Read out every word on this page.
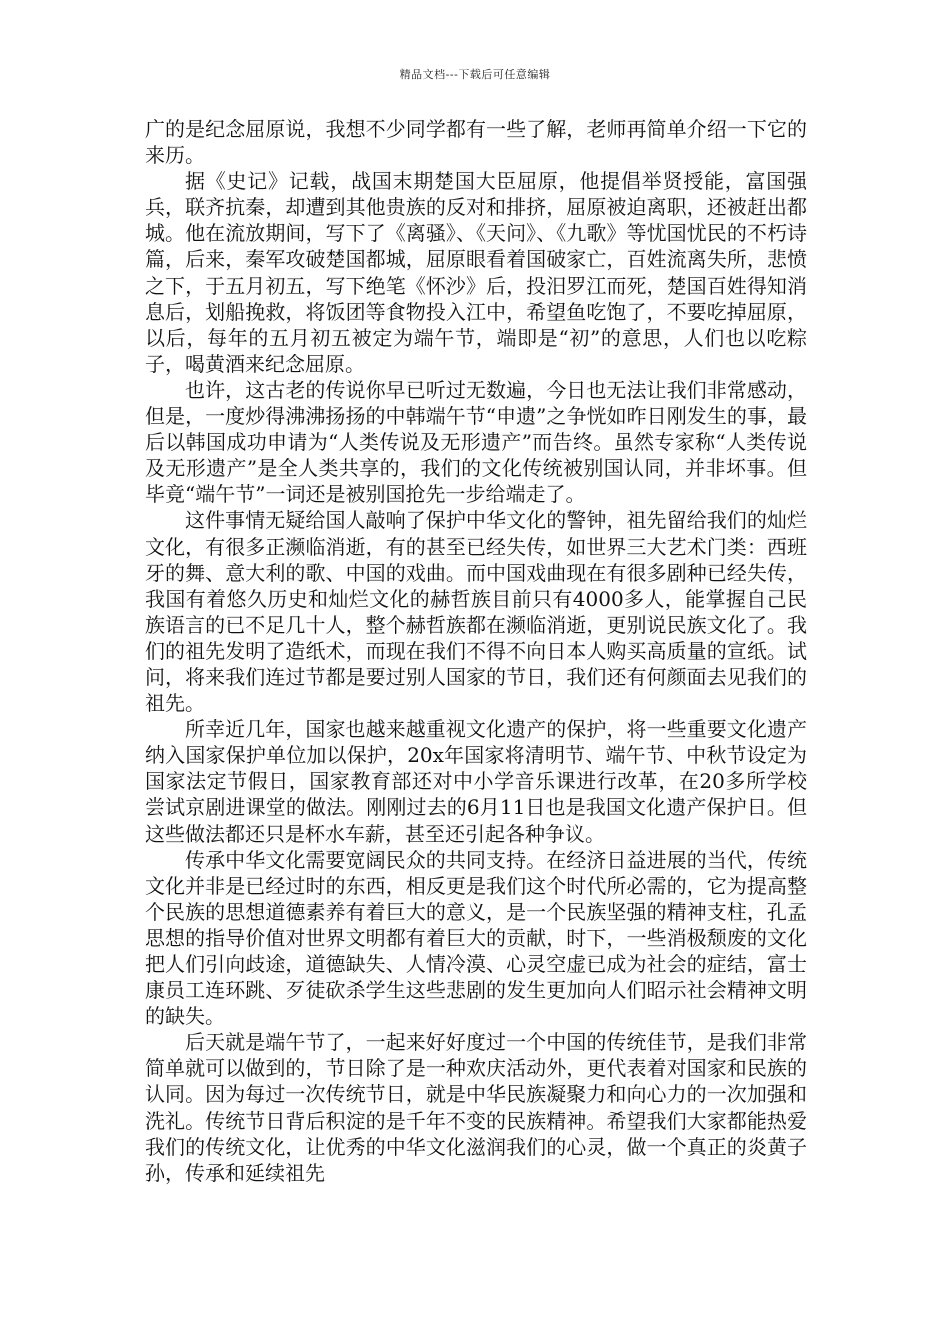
精品文档---下载后可任意编辑

广的是纪念屈原说，我想不少同学都有一些了解，老师再简单介绍一下它的来历。

据《史记》记载，战国末期楚国大臣屈原，他提倡举贤授能，富国强兵，联齐抗秦，却遭到其他贵族的反对和排挤，屈原被迫离职，还被赶出都城。他在流放期间，写下了《离骚》、《天问》、《九歌》等忧国忧民的不朽诗篇，后来，秦军攻破楚国都城，屈原眼看着国破家亡，百姓流离失所，悲愤之下，于五月初五，写下绝笔《怀沙》后，投汨罗江而死，楚国百姓得知消息后，划船挽救，将饭团等食物投入江中，希望鱼吃饱了，不要吃掉屈原，以后，每年的五月初五被定为端午节，端即是“初”的意思，人们也以吃粽子，喝黄酒来纪念屈原。

也许，这古老的传说你早已听过无数遍，今日也无法让我们非常感动，但是，一度炒得沸沸扬扬的中韩端午节“申遗”之争恍如昨日刚发生的事，最后以韩国成功申请为“人类传说及无形遗产”而告终。虽然专家称“人类传说及无形遗产”是全人类共享的，我们的文化传统被别国认同，并非坏事。但毕竟“端午节”一词还是被别国抢先一步给端走了。

这件事情无疑给国人敲响了保护中华文化的警钟，祖先留给我们的灿烂文化，有很多正濒临消逝，有的甚至已经失传，如世界三大艺术门类：西班牙的舞、意大利的歌、中国的戏曲。而中国戏曲现在有很多剧种已经失传，我国有着悠久历史和灿烂文化的赫哲族目前只有4000多人，能掌握自己民族语言的已不足几十人，整个赫哲族都在濒临消逝，更别说民族文化了。我们的祖先发明了造纸术，而现在我们不得不向日本人购买高质量的宣纸。试问，将来我们连过节都是要过别人国家的节日，我们还有何颜面去见我们的祖先。

所幸近几年，国家也越来越重视文化遗产的保护，将一些重要文化遗产纳入国家保护单位加以保护，20x年国家将清明节、端午节、中秋节设定为国家法定节假日，国家教育部还对中小学音乐课进行改革，在20多所学校尝试京剧进课堂的做法。刚刚过去的6月11日也是我国文化遗产保护日。但这些做法都还只是杯水车薪，甚至还引起各种争议。

传承中华文化需要宽阔民众的共同支持。在经济日益进展的当代，传统文化并非是已经过时的东西，相反更是我们这个时代所必需的，它为提高整个民族的思想道德素养有着巨大的意义，是一个民族坚强的精神支柱，孔孟思想的指导价值对世界文明都有着巨大的贡献，时下，一些消极颓废的文化把人们引向歧途，道德缺失、人情冷漠、心灵空虚已成为社会的症结，富士康员工连环跳、歹徒砍杀学生这些悲剧的发生更加向人们昭示社会精神文明的缺失。

后天就是端午节了，一起来好好度过一个中国的传统佳节，是我们非常简单就可以做到的，节日除了是一种欢庆活动外，更代表着对国家和民族的认同。因为每过一次传统节日，就是中华民族凝聚力和向心力的一次加强和洗礼。传统节日背后积淀的是千年不变的民族精神。希望我们大家都能热爱我们的传统文化，让优秀的中华文化滋润我们的心灵，做一个真正的炎黄子孙，传承和延续祖先
